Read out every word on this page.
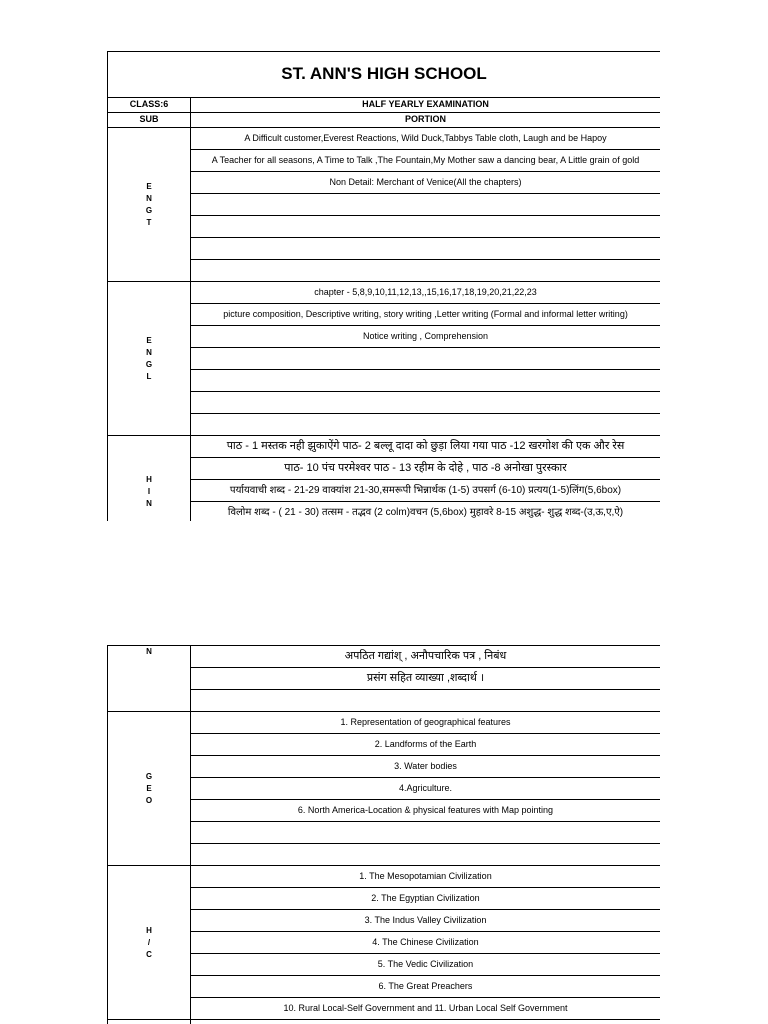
ST. ANN'S HIGH SCHOOL	
CLASS:6	HALF YEARLY EXAMINATION
SUB	PORTION

E
N
G
T	A Difficult customer,Everest Reactions, Wild Duck,Tabbys Table cloth, Laugh and be Hapoy
	A Teacher for all seasons, A Time to Talk ,The Fountain,My Mother saw a dancing bear, A Little grain of gold
	Non Detail: Merchant of Venice(All the chapters)

E
N
G
L	chapter - 5,8,9,10,11,12,13,,15,16,17,18,19,20,21,22,23
	picture composition, Descriptive writing, story writing ,Letter writing (Formal and informal letter writing)
	Notice writing , Comprehension

H
I
N	पाठ - 1 मस्तक नही झुकाऐंगे पाठ- 2 बल्लू दादा को छुड़ा लिया गया पाठ -12 खरगोश की एक और रेस
	पाठ- 10 पंच परमेश्वर पाठ - 13 रहीम के दोहे , पाठ -8 अनोखा पुरस्कार
	पर्यायवाची शब्द - 21-29 वाक्यांश 21-30,समरूपी भिन्नार्थक (1-5) उपसर्ग (6-10) प्रत्यय(1-5)लिंग(5,6box)
	विलोम शब्द - ( 21 - 30) तत्सम - तद्भव (2 colm)वचन (5,6box) मुहावरे 8-15 अशुद्ध- शुद्ध शब्द-(उ,ऊ,ए,ऐ)
N	अपठित गद्यांश् , अनौपचारिक पत्र , निबंध
	प्रसंग सहित व्याख्या ,शब्दार्थ ।

G
E
O	1. Representation of geographical features
	2. Landforms of the Earth
	3. Water bodies
	4.Agriculture.
	6. North America-Location & physical features with Map pointing

H
/
C	1. The Mesopotamian Civilization
	2. The Egyptian Civilization
	3. The Indus Valley Civilization
	4. The Chinese Civilization
	5. The Vedic Civilization
	6. The Great Preachers
	10. Rural Local-Self Government and 11. Urban Local Self Government
